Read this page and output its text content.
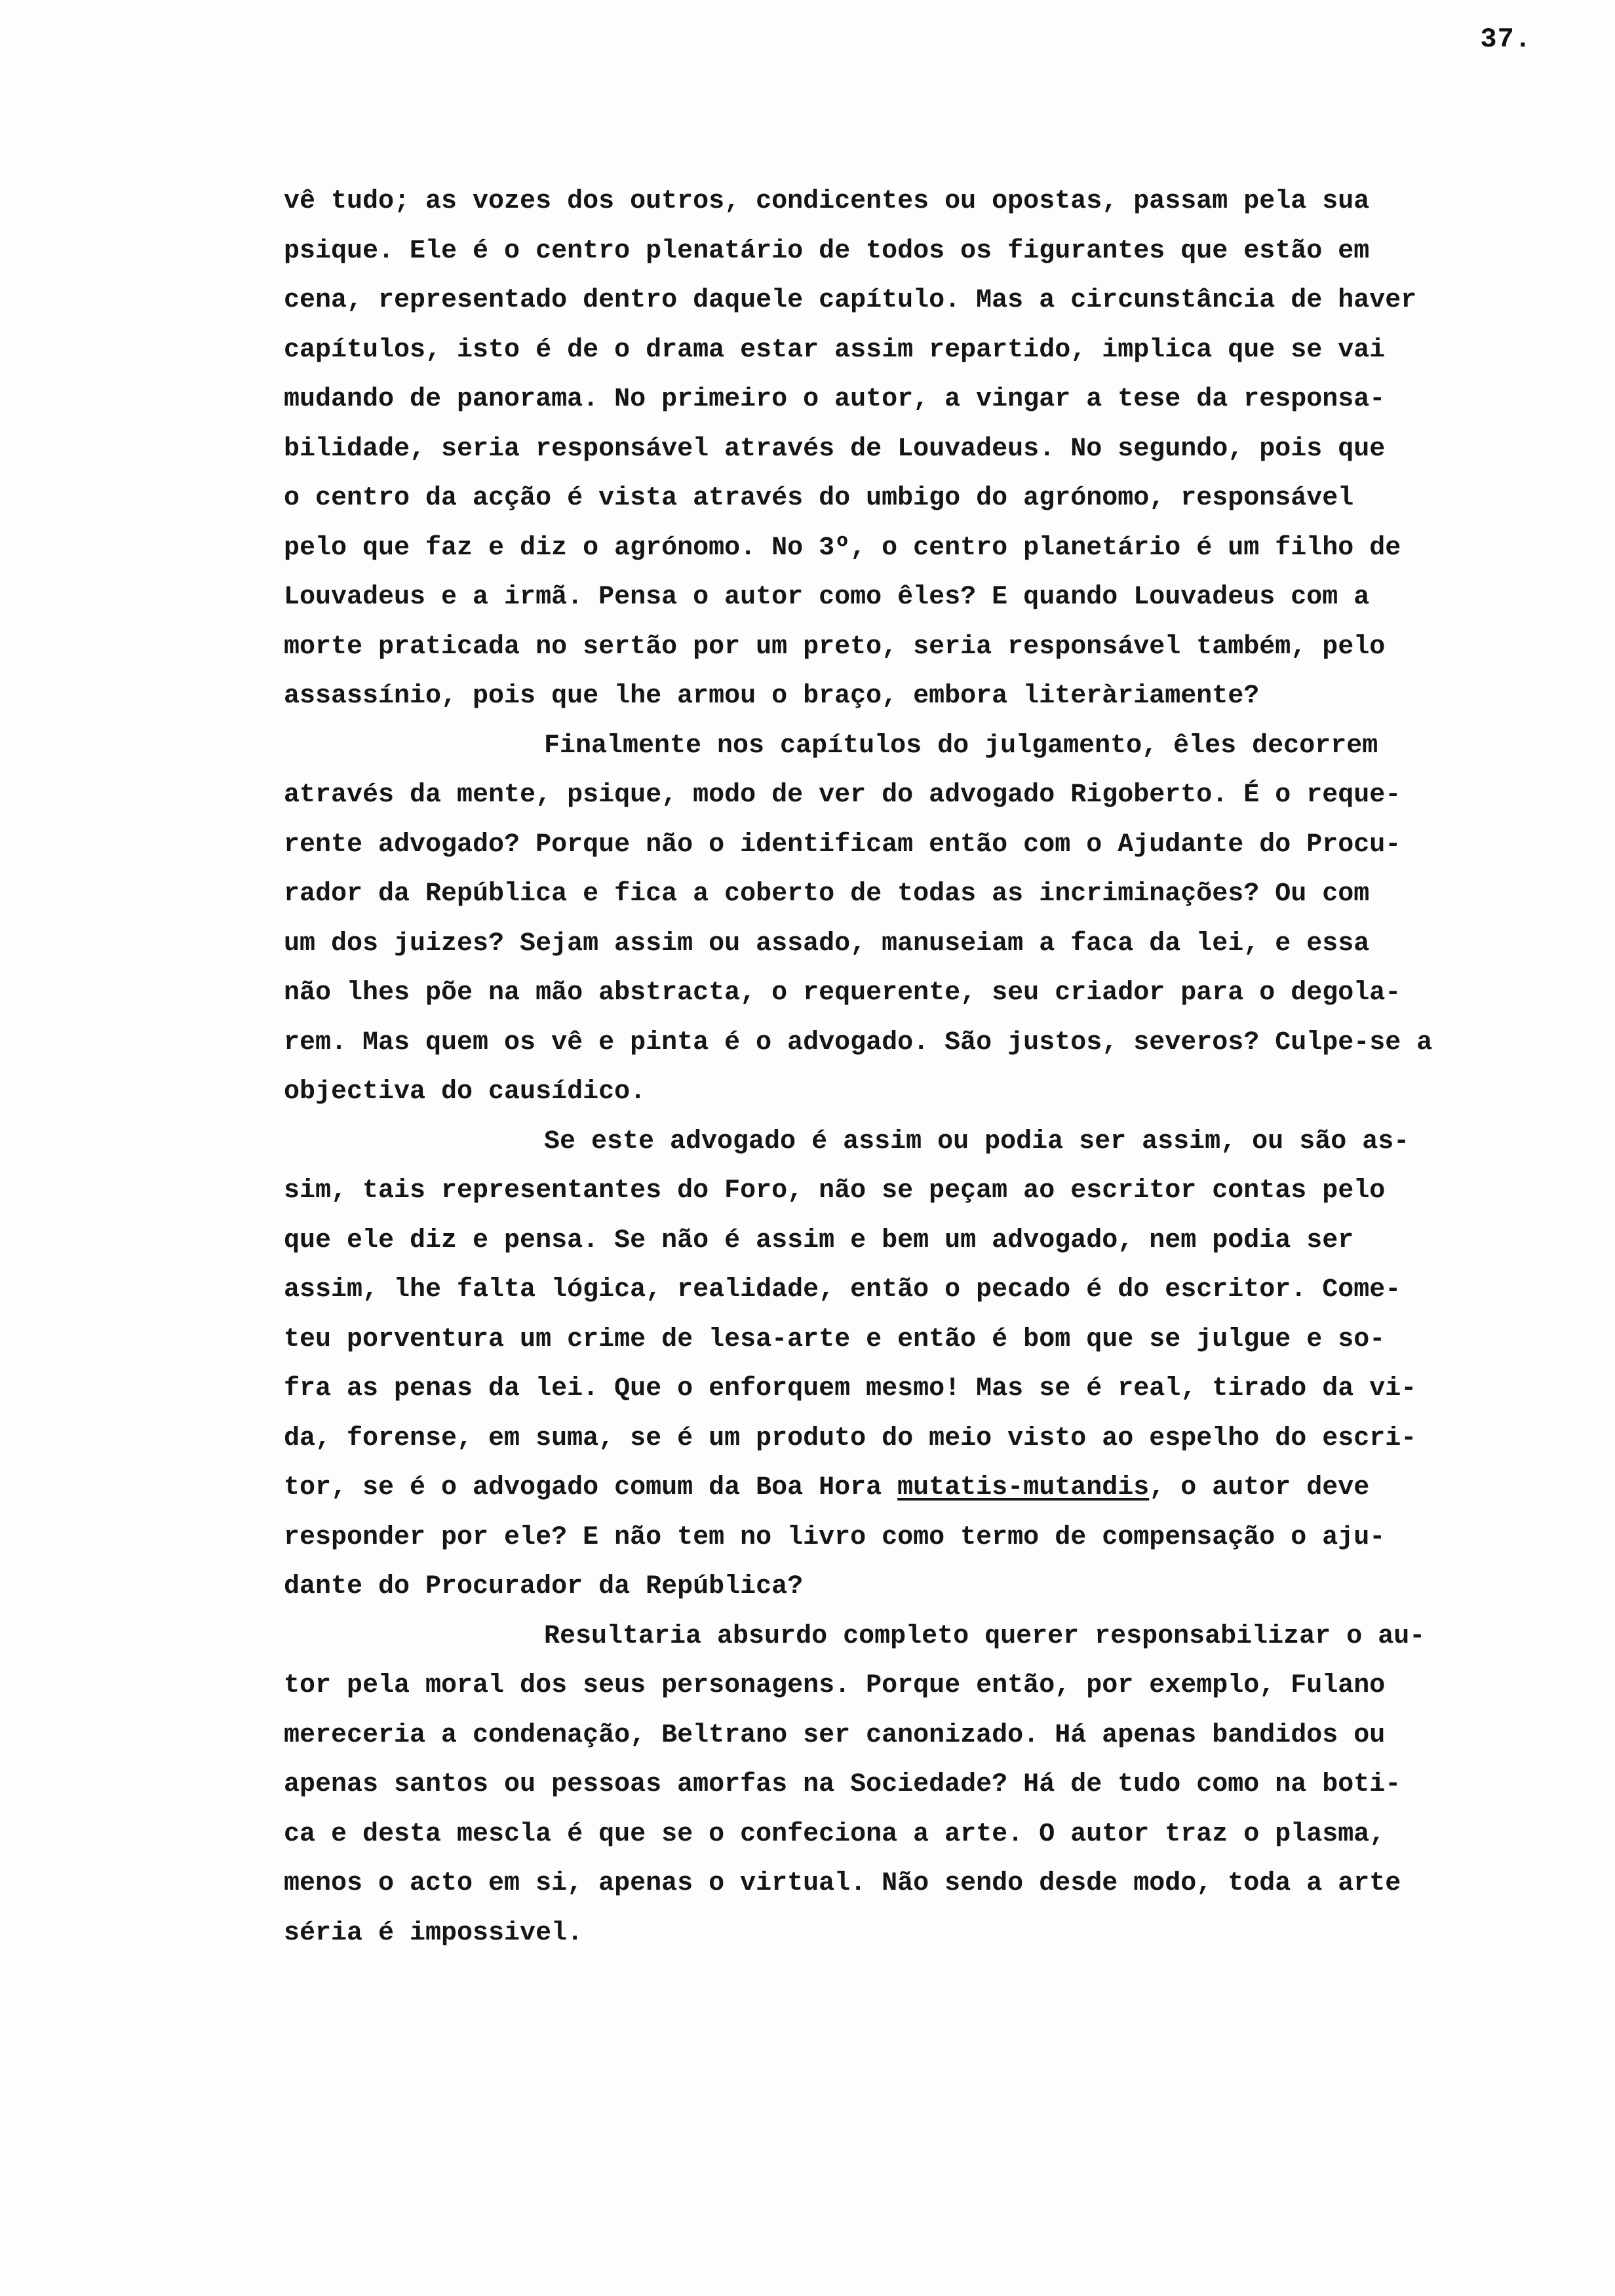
37.
vê tudo; as vozes dos outros, condicentes ou opostas, passam pela sua
psique. Ele é o centro plenatário de todos os figurantes que estão em
cena, representado dentro daquele capítulo. Mas a circunstância de haver
capítulos, isto é de o drama estar assim repartido, implica que se vai
mudando de panorama. No primeiro o autor, a vingar a tese da responsa-
bilidade, seria responsável através de Louvadeus. No segundo, pois que
o centro da acção é vista através do umbigo do agrónomo, responsável
pelo que faz e diz o agrónomo. No 3º, o centro planetário é um filho de
Louvadeus e a irmã. Pensa o autor como êles? E quando Louvadeus com a
morte praticada no sertão por um preto, seria responsável também, pelo
assassínio, pois que lhe armou o braço, embora literàriamente?
Finalmente nos capítulos do julgamento, êles decorrem
através da mente, psique, modo de ver do advogado Rigoberto. É o reque-
rente advogado? Porque não o identificam então com o Ajudante do Procu-
rador da República e fica a coberto de todas as incriminações? Ou com
um dos juizes? Sejam assim ou assado, manuseiam a faca da lei, e essa
não lhes põe na mão abstracta, o requerente, seu criador para o degola-
rem. Mas quem os vê e pinta é o advogado. São justos, severos? Culpe-se a
objectiva do causídico.
Se este advogado é assim ou podia ser assim, ou são as-
sim, tais representantes do Foro, não se peçam ao escritor contas pelo
que ele diz e pensa. Se não é assim e bem um advogado, nem podia ser
assim, lhe falta lógica, realidade, então o pecado é do escritor. Come-
teu porventura um crime de lesa-arte e então é bom que se julgue e so-
fra as penas da lei. Que o enforquem mesmo! Mas se é real, tirado da vi-
da, forense, em suma, se é um produto do meio visto ao espelho do escri-
tor, se é o advogado comum da Boa Hora mutatis-mutandis, o autor deve
responder por ele? E não tem no livro como termo de compensação o aju-
dante do Procurador da República?
Resultaria absurdo completo querer responsabilizar o au-
tor pela moral dos seus personagens. Porque então, por exemplo, Fulano
mereceria a condenação, Beltrano ser canonizado. Há apenas bandidos ou
apenas santos ou pessoas amorfas na Sociedade? Há de tudo como na boti-
ca e desta mescla é que se o confeciona a arte. O autor traz o plasma,
menos o acto em si, apenas o virtual. Não sendo desde modo, toda a arte
séria é impossivel.
